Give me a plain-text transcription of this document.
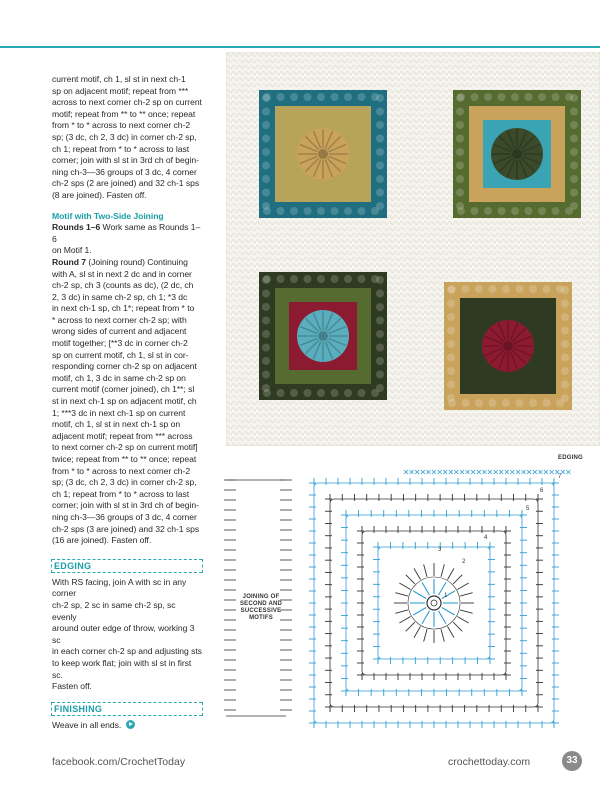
current motif, ch 1, sl st in next ch-1

sp on adjacent motif; repeat from ***

across to next corner ch-2 sp on current

motif; repeat from ** to ** once; repeat

from * to * across to next corner ch-2

sp; (3 dc, ch 2, 3 dc) in corner ch-2 sp,

ch 1; repeat from * to * across to last

corner; join with sl st in 3rd ch of begin-

ning ch-3—36 groups of 3 dc, 4 corner

ch-2 sps (2 are joined) and 32 ch-1 sps

(8 are joined). Fasten off.

Motif with Two-Side Joining

Rounds 1–6 Work same as Rounds 1–6

on Motif 1.

Round 7 (Joining round) Continuing

with A, sl st in next 2 dc and in corner

ch-2 sp, ch 3 (counts as dc), (2 dc, ch

2, 3 dc) in same ch-2 sp, ch 1; *3 dc

in next ch-1 sp, ch 1*; repeat from * to

* across to next corner ch-2 sp; with

wrong sides of current and adjacent

motif together; [**3 dc in corner ch-2

sp on current motif, ch 1, sl st in cor-

responding corner ch-2 sp on adjacent

motif, ch 1, 3 dc in same ch-2 sp on

current motif (corner joined), ch 1**; sl

st in next ch-1 sp on adjacent motif, ch

1; ***3 dc in next ch-1 sp on current

motif, ch 1, sl st in next ch-1 sp on

adjacent motif; repeat from *** across

to next corner ch-2 sp on current motif]

twice; repeat from ** to ** once; repeat

from * to * across to next corner ch-2

sp; (3 dc, ch 2, 3 dc) in corner ch-2 sp,

ch 1; repeat from * to * across to last

corner; join with sl st in 3rd ch of begin-

ning ch-3—36 groups of 3 dc, 4 corner

ch-2 sps (3 are joined) and 32 ch-1 sps

(16 are joined). Fasten off.

EDGING

With RS facing, join A with sc in any corner

ch-2 sp, 2 sc in same ch-2 sp, sc evenly

around outer edge of throw, working 3 sc

in each corner ch-2 sp and adjusting sts

to keep work flat; join with sl st in first sc.

Fasten off.

FINISHING

Weave in all ends.

1
2
3
4
5
6
7
EDGING
JOINING OF
SECOND AND
SUCCESSIVE
MOTIFS
facebook.com/CrochetToday	crochettoday.com	33
